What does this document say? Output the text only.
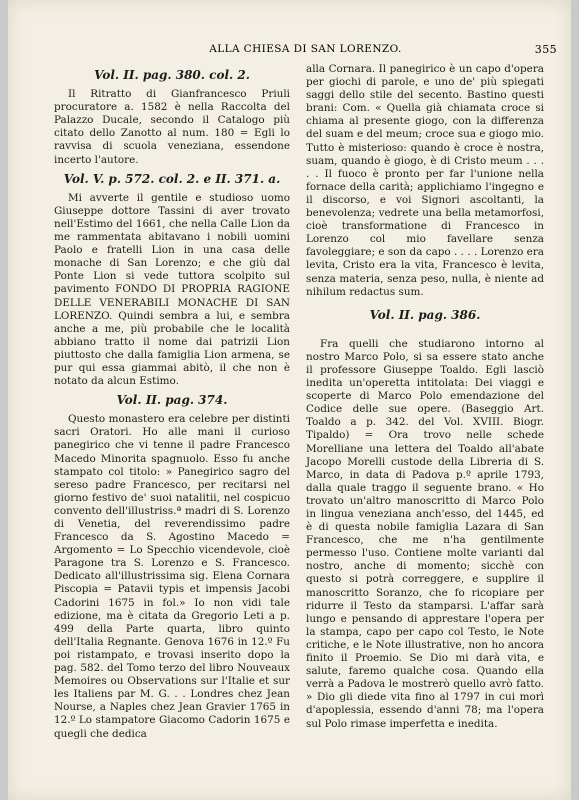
ALLA CHIESA DI SAN LORENZO.	355
Vol. II. pag. 380. col. 2.

Il Ritratto di Gianfrancesco Priuli procuratore a. 1582 è nella Raccolta del Palazzo Ducale, secondo il Catalogo più citato dello Zanotto al num. 180 = Egli lo ravvisa di scuola veneziana, essendone incerto l'autore.

Vol. V. p. 572. col. 2. e II. 371. a.

Mi avverte il gentile e studioso uomo Giuseppe dottore Tassini di aver trovato nell'Estimo del 1661, che nella Calle Lion da me rammentata abitavano i nobili uomini Paolo e fratelli Lion in una casa delle monache di San Lorenzo; e che giù dal Ponte Lion si vede tuttora scolpito sul pavimento FONDO DI PROPRIA RAGIONE DELLE VENERABILI MONACHE DI SAN LORENZO. Quindi sembra a lui, e sembra anche a me, più probabile che le località abbiano tratto il nome dai patrizii Lion piuttosto che dalla famiglia Lion armena, se pur qui essa giammai abitò, il che non è notato da alcun Estimo.

Vol. II. pag. 374.

Questo monastero era celebre per distinti sacri Oratori. Ho alle mani il curioso panegirico che vi tenne il padre Francesco Macedo Minorita spagnuolo. Esso fu anche stampato col titolo: » Panegirico sagro del sereso padre Francesco, per recitarsi nel giorno festivo de' suoi natalitii, nel cospicuo convento dell'illustriss.ª madri di S. Lorenzo di Venetia, del reverendissimo padre Francesco da S. Agostino Macedo = Argomento = Lo Specchio vicendevole, cioè Paragone tra S. Lorenzo e S. Francesco. Dedicato all'illustrissima sig. Elena Cornara Piscopia = Patavii typis et impensis Jacobi Cadorini 1675 in fol.» Io non vidi tale edizione, ma è citata da Gregorio Leti a p. 499 della Parte quarta, libro quinto dell'Italia Regnante. Genova 1676 in 12.º Fu poi ristampato, e trovasi inserito dopo la pag. 582. del Tomo terzo del libro Nouveaux Memoires ou Observations sur l'Italie et sur les Italiens par M. G. . . Londres chez Jean Nourse, a Naples chez Jean Gravier 1765 in 12.º Lo stampatore Giacomo Cadorin 1675 e quegli che dedica

alla Cornara. Il panegirico è un capo d'opera per giochi di parole, e uno de' più spiegati saggi dello stile del secento. Bastino questi brani: Com. « Quella già chiamata croce si chiama al presente giogo, con la differenza del suam e del meum; croce sua e giogo mio. Tutto è misterioso: quando è croce è nostra, suam, quando è giogo, è di Cristo meum . . . . . Il fuoco è pronto per far l'unione nella fornace della carità; applichiamo l'ingegno e il discorso, e voi Signori ascoltanti, la benevolenza; vedrete una bella metamorfosi, cioè transformatione di Francesco in Lorenzo col mio favellare senza favoleggiare; e son da capo . . . . Lorenzo era levita, Cristo era la vita, Francesco è levita, senza materia, senza peso, nulla, è niente ad nihilum redactus sum.

Vol. II. pag. 386.

Fra quelli che studiarono intorno al nostro Marco Polo, si sa essere stato anche il professore Giuseppe Toaldo. Egli lasciò inedita un'operetta intitolata: Dei viaggi e scoperte di Marco Polo emendazione del Codice delle sue opere. (Baseggio Art. Toaldo a p. 342. del Vol. XVIII. Biogr. Tipaldo) = Ora trovo nelle schede Morelliane una lettera del Toaldo all'abate Jacopo Morelli custode della Libreria di S. Marco, in data di Padova p.º aprile 1793, dalla quale traggo il seguente brano. « Ho trovato un'altro manoscritto di Marco Polo in lingua veneziana anch'esso, del 1445, ed è di questa nobile famiglia Lazara di San Francesco, che me n'ha gentilmente permesso l'uso. Contiene molte varianti dal nostro, anche di momento; sicchè con questo si potrà correggere, e supplire il manoscritto Soranzo, che fo ricopiare per ridurre il Testo da stamparsi. L'affar sarà lungo e pensando di apprestare l'opera per la stampa, capo per capo col Testo, le Note critiche, e le Note illustrative, non ho ancora finito il Proemio. Se Dio mi darà vita, e salute, faremo qualche cosa. Quando ella verrà a Padova le mostrerò quello avrò fatto. » Dio gli diede vita fino al 1797 in cui morì d'apoplessia, essendo d'anni 78; ma l'opera sul Polo rimase imperfetta e inedita.
